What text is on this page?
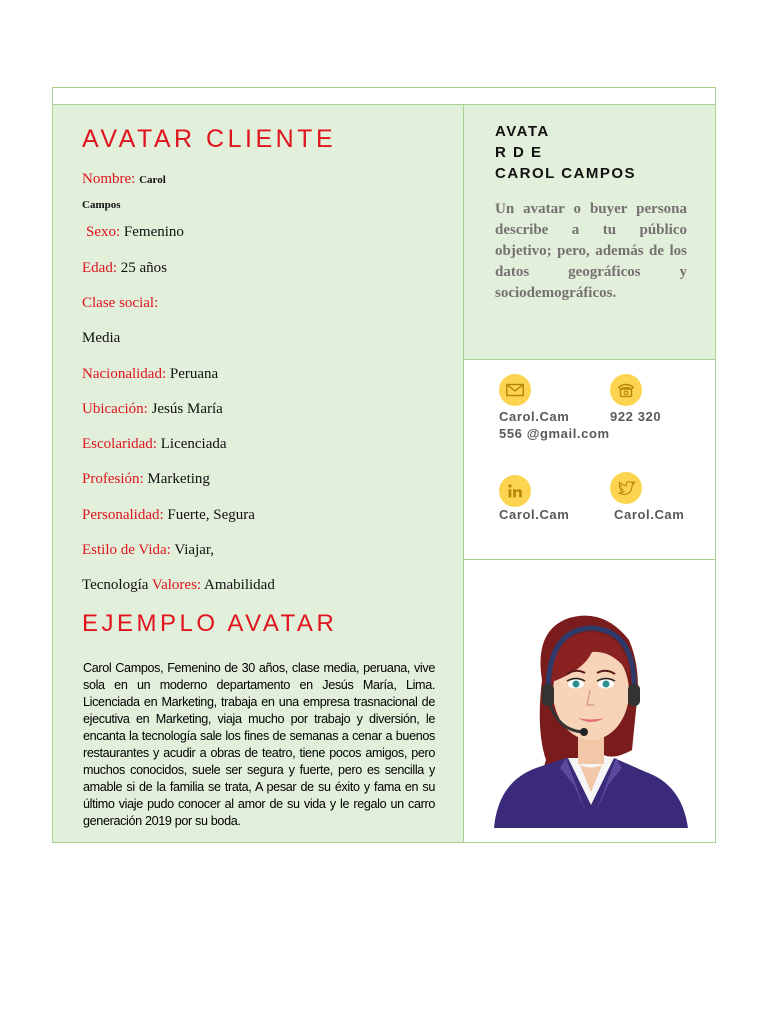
AVATAR CLIENTE
Nombre: Carol
Campos
Sexo: Femenino
Edad: 25 años
Clase social:
Media
Nacionalidad: Peruana
Ubicación: Jesús María
Escolaridad: Licenciada
Profesión: Marketing
Personalidad: Fuerte, Segura
Estilo de Vida: Viajar,
Tecnología Valores: Amabilidad
EJEMPLO AVATAR
Carol Campos, Femenino de 30 años, clase media, peruana, vive sola en un moderno departamento en Jesús María, Lima. Licenciada en Marketing, trabaja en una empresa trasnacional de ejecutiva en Marketing, viaja mucho por trabajo y diversión, le encanta la tecnología sale los fines de semanas a cenar a buenos restaurantes y acudir a obras de teatro, tiene pocos amigos, pero muchos conocidos, suele ser segura y fuerte, pero es sencilla y amable si de la familia se trata, A pesar de su éxito y fama en su último viaje pudo conocer al amor de su vida y le regalo un carro generación 2019 por su boda.
AVATA
R D E
CAROL CAMPOS
Un avatar o buyer persona describe a tu público objetivo; pero, además de los datos geográficos y sociodemográficos.
Carol.Cam	922 320
556 @gmail.com
Carol.Cam	Carol.Cam
